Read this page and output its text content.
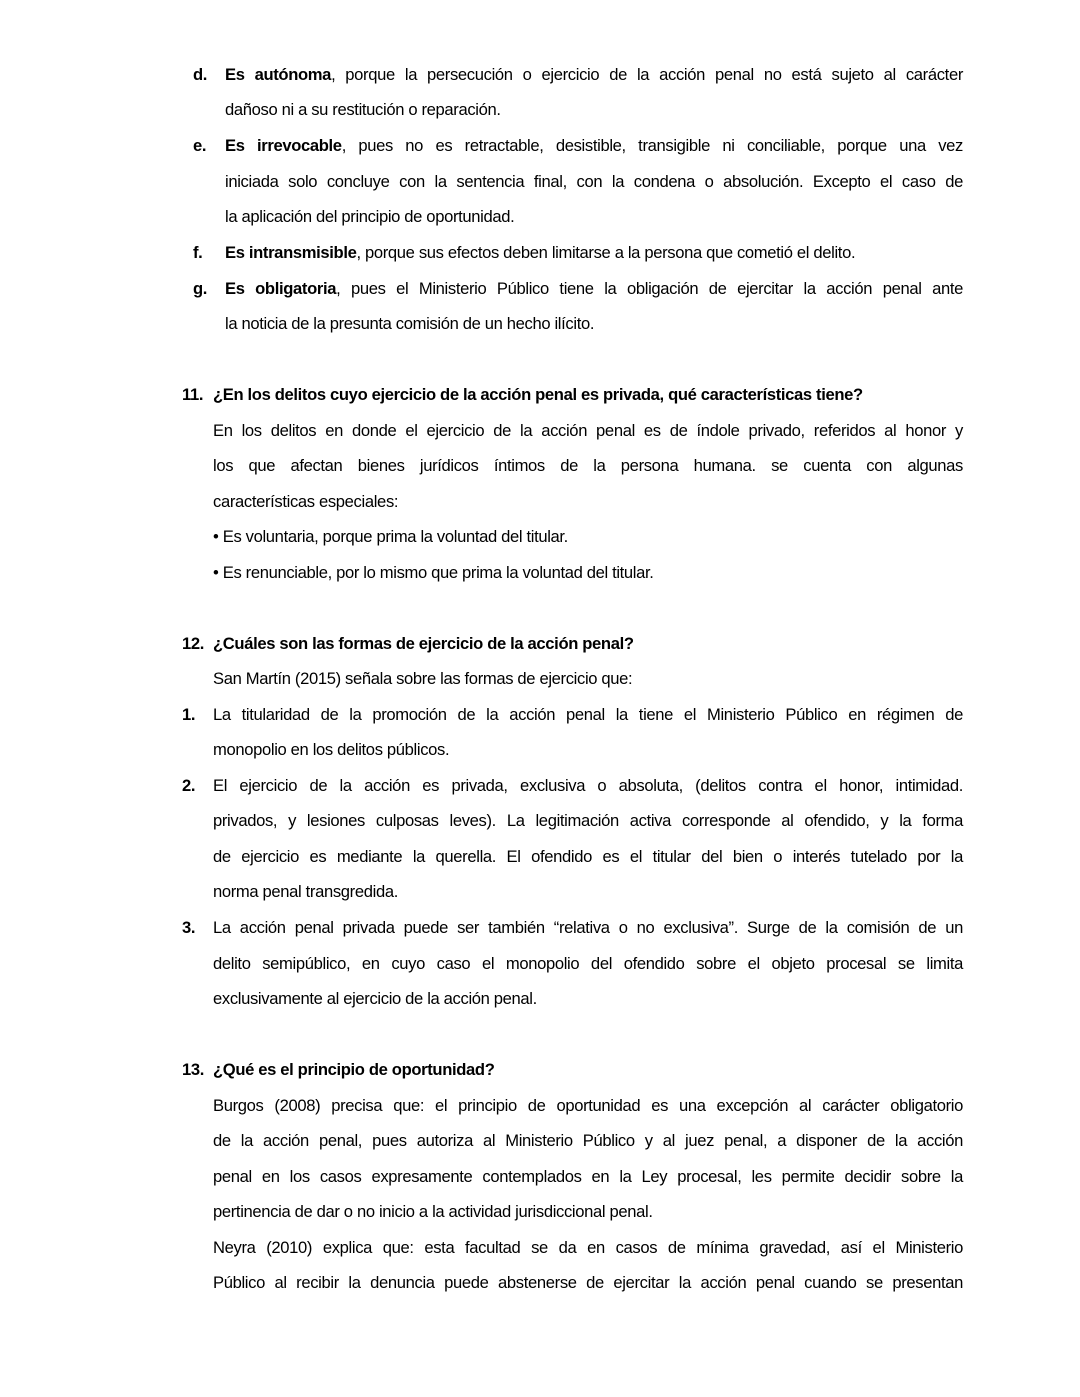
d. Es autónoma, porque la persecución o ejercicio de la acción penal no está sujeto al carácter
dañoso ni a su restitución o reparación.
e. Es irrevocable, pues no es retractable, desistible, transigible ni conciliable, porque una vez
iniciada solo concluye con la sentencia final, con la condena o absolución. Excepto el caso de
la aplicación del principio de oportunidad.
f. Es intransmisible, porque sus efectos deben limitarse a la persona que cometió el delito.
g. Es obligatoria, pues el Ministerio Público tiene la obligación de ejercitar la acción penal ante
la noticia de la presunta comisión de un hecho ilícito.
11. ¿En los delitos cuyo ejercicio de la acción penal es privada, qué características tiene?
En los delitos en donde el ejercicio de la acción penal es de índole privado, referidos al honor y
los que afectan bienes jurídicos íntimos de la persona humana. se cuenta con algunas
características especiales:
• Es voluntaria, porque prima la voluntad del titular.
• Es renunciable, por lo mismo que prima la voluntad del titular.
12. ¿Cuáles son las formas de ejercicio de la acción penal?
San Martín (2015) señala sobre las formas de ejercicio que:
1. La titularidad de la promoción de la acción penal la tiene el Ministerio Público en régimen de
monopolio en los delitos públicos.
2. El ejercicio de la acción es privada, exclusiva o absoluta, (delitos contra el honor, intimidad.
privados, y lesiones culposas leves). La legitimación activa corresponde al ofendido, y la forma
de ejercicio es mediante la querella. El ofendido es el titular del bien o interés tutelado por la
norma penal transgredida.
3. La acción penal privada puede ser también “relativa o no exclusiva”. Surge de la comisión de un
delito semipúblico, en cuyo caso el monopolio del ofendido sobre el objeto procesal se limita
exclusivamente al ejercicio de la acción penal.
13. ¿Qué es el principio de oportunidad?
Burgos (2008) precisa que: el principio de oportunidad es una excepción al carácter obligatorio
de la acción penal, pues autoriza al Ministerio Público y al juez penal, a disponer de la acción
penal en los casos expresamente contemplados en la Ley procesal, les permite decidir sobre la
pertinencia de dar o no inicio a la actividad jurisdiccional penal.
Neyra (2010) explica que: esta facultad se da en casos de mínima gravedad, así el Ministerio
Público al recibir la denuncia puede abstenerse de ejercitar la acción penal cuando se presentan
